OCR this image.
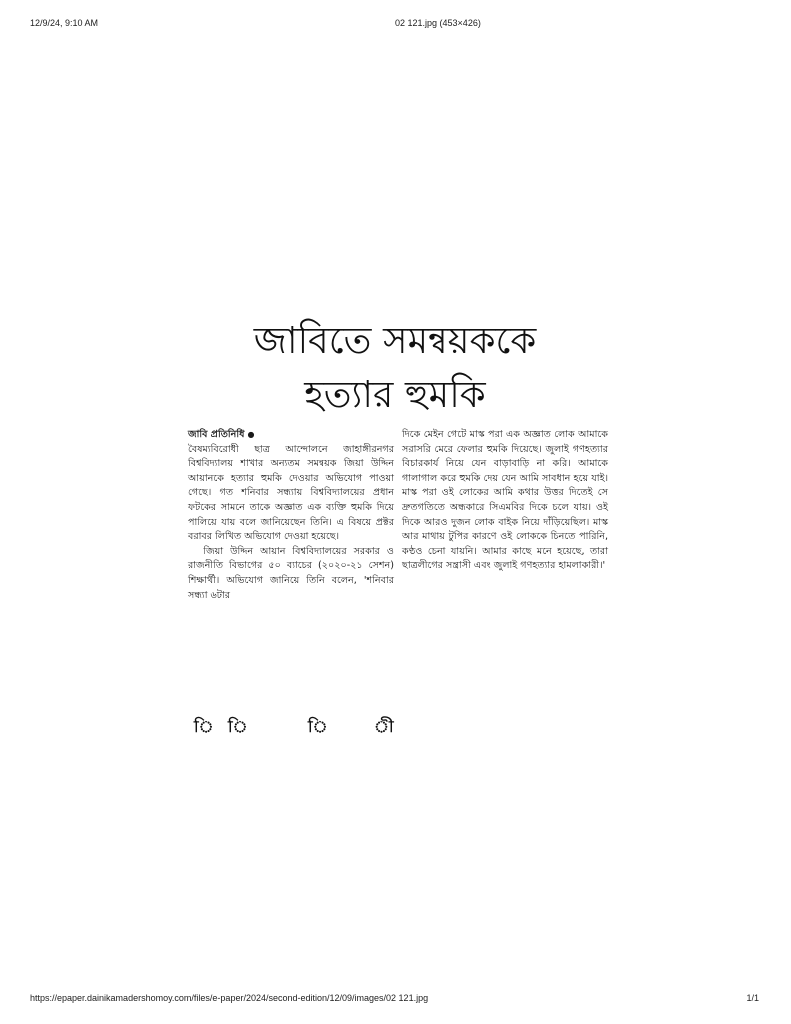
12/9/24, 9:10 AM	02 121.jpg (453×426)
জাবিতে সমন্বয়ককে
হত্যার হুমকি

জাবি প্রতিনিধি ●

বৈষম্যবিরোধী ছাত্র আন্দোলনে জাহাঙ্গীরনগর বিশ্ববিদ্যালয় শাখার অন্যতম সমন্বয়ক জিয়া উদ্দিন আয়ানকে হত্যার হুমকি দেওয়ার অভিযোগ পাওয়া গেছে। গত শনিবার সন্ধ্যায় বিশ্ববিদ্যালয়ের প্রধান ফটকের সামনে তাকে অজ্ঞাত এক ব্যক্তি হুমকি দিয়ে পালিয়ে যায় বলে জানিয়েছেন তিনি। এ বিষয়ে প্রক্টর বরাবর লিখিত অভিযোগ দেওয়া হয়েছে।

জিয়া উদ্দিন আয়ান বিশ্ববিদ্যালয়ের সরকার ও রাজনীতি বিভাগের ৫০ ব্যাচের (২০২০-২১ সেশন) শিক্ষার্থী। অভিযোগ জানিয়ে তিনি বলেন, 'শনিবার সন্ধ্যা ৬টার

দিকে মেইন গেটে মাস্ক পরা এক অজ্ঞাত লোক আমাকে সরাসরি মেরে ফেলার হুমকি দিয়েছে। জুলাই গণহত্যার বিচারকার্য নিয়ে যেন বাড়াবাড়ি না করি। আমাকে গালাগাল করে হুমকি দেয় যেন আমি সাবধান হয়ে যাই। মাস্ক পরা ওই লোকের আমি কথার উত্তর দিতেই সে দ্রুতগতিতে অন্ধকারে সিএমবির দিকে চলে যায়। ওই দিকে আরও দুজন লোক বাইক নিয়ে দাঁড়িয়েছিল। মাস্ক আর মাথায় টুপির কারণে ওই লোককে চিনতে পারিনি, কণ্ঠও চেনা যায়নি। আমার কাছে মনে হয়েছে, তারা ছাত্রলীগের সন্ত্রাসী এবং জুলাই গণহত্যার হামলাকারী।'

ি ি	ি	ী
https://epaper.dainikamadershomoy.com/files/e-paper/2024/second-edition/12/09/images/02 121.jpg	1/1
